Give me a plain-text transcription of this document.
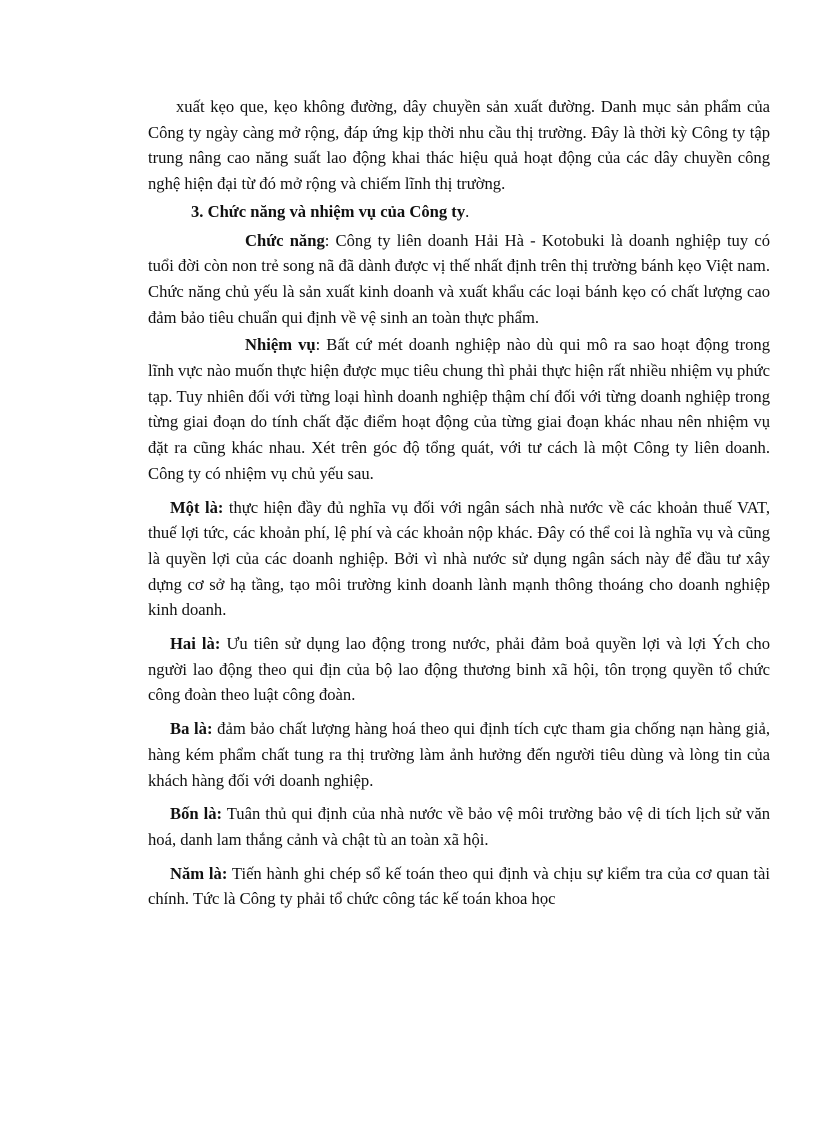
xuất kẹo que, kẹo không đường, dây chuyền sản xuất đường. Danh mục sản phẩm của Công ty ngày càng mở rộng, đáp ứng kịp thời nhu cầu thị trường. Đây là thời kỳ Công ty tập trung nâng cao năng suất lao động khai thác hiệu quả hoạt động của các dây chuyền công nghệ hiện đại từ đó mở rộng và chiếm lĩnh thị trường.

3. Chức năng và nhiệm vụ của Công ty.

Chức năng: Công ty liên doanh Hải Hà - Kotobuki là doanh nghiệp tuy có tuổi đời còn non trẻ song nã đã dành được vị thế nhất định trên thị trường bánh kẹo Việt nam. Chức năng chủ yếu là sản xuất kinh doanh và xuất khẩu các loại bánh kẹo có chất lượng cao đảm bảo tiêu chuẩn qui định về vệ sinh an toàn thực phẩm.

Nhiệm vụ: Bất cứ mét doanh nghiệp nào dù qui mô ra sao hoạt động trong lĩnh vực nào muốn thực hiện được mục tiêu chung thì phải thực hiện rất nhiều nhiệm vụ phức tạp. Tuy nhiên đối với từng loại hình doanh nghiệp thậm chí đối với từng doanh nghiệp trong từng giai đoạn do tính chất đặc điểm hoạt động của từng giai đoạn khác nhau nên nhiệm vụ đặt ra cũng khác nhau. Xét trên góc độ tổng quát, với tư cách là một Công ty liên doanh. Công ty có nhiệm vụ chủ yếu sau.

Một là: thực hiện đầy đủ nghĩa vụ đối với ngân sách nhà nước về các khoản thuế VAT, thuế lợi tức, các khoản phí, lệ phí và các khoản nộp khác. Đây có thể coi là nghĩa vụ và cũng là quyền lợi của các doanh nghiệp. Bởi vì nhà nước sử dụng ngân sách này để đầu tư xây dựng cơ sở hạ tầng, tạo môi trường kinh doanh lành mạnh thông thoáng cho doanh nghiệp kinh doanh.

Hai là: Ưu tiên sử dụng lao động trong nước, phải đảm boả quyền lợi và lợi Ých cho người lao động theo qui địn của bộ lao động thương binh xã hội, tôn trọng quyền tổ chức công đoàn theo luật công đoàn.

Ba là: đảm bảo chất lượng hàng hoá theo qui định tích cực tham gia chống nạn hàng giả, hàng kém phẩm chất tung ra thị trường làm ảnh hưởng đến người tiêu dùng và lòng tin của khách hàng đối với doanh nghiệp.

Bốn là: Tuân thủ qui định của nhà nước về bảo vệ môi trường bảo vệ di tích lịch sử văn hoá, danh lam thắng cảnh và chật tù an toàn xã hội.

Năm là: Tiến hành ghi chép sổ kế toán theo qui định và chịu sự kiểm tra của cơ quan tài chính. Tức là Công ty phải tổ chức công tác kế toán khoa học
